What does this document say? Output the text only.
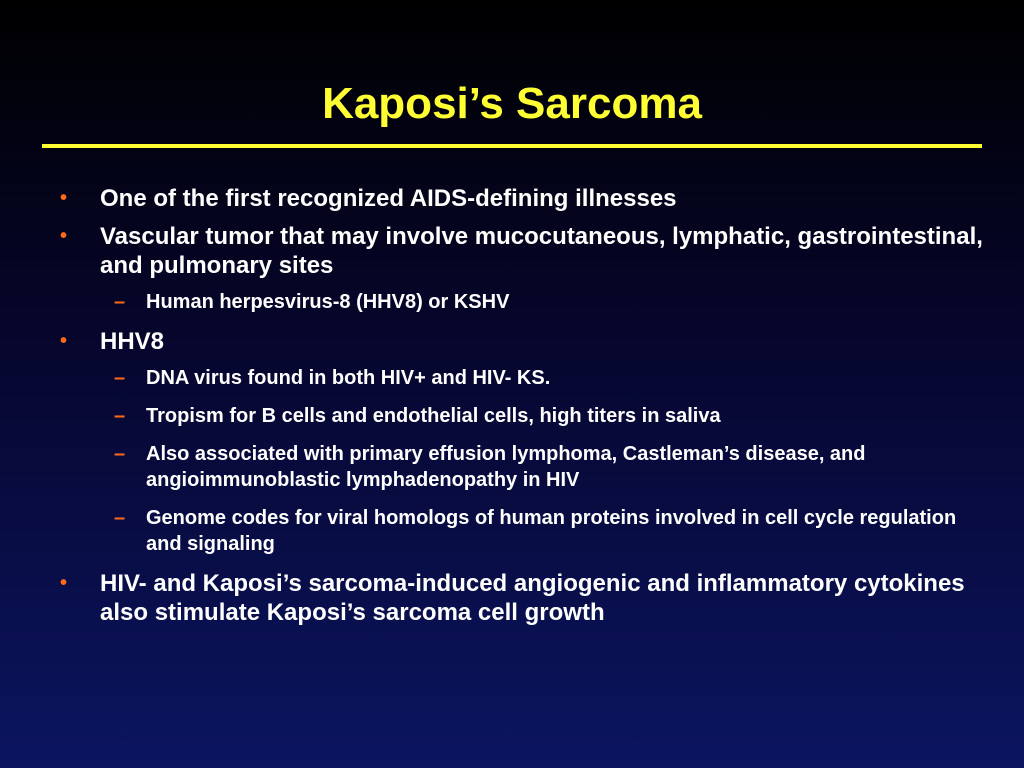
Kaposi’s Sarcoma
•	One of the first recognized AIDS-defining illnesses
•	Vascular tumor that may involve mucocutaneous, lymphatic, gastrointestinal, and pulmonary sites
–	Human herpesvirus-8 (HHV8) or KSHV
•	HHV8
–	DNA virus found in both HIV+ and HIV- KS.
–	Tropism for B cells and endothelial cells, high titers in saliva
–	Also associated with primary effusion lymphoma, Castleman’s disease, and angioimmunoblastic lymphadenopathy in HIV
–	Genome codes for viral homologs of human proteins involved in cell cycle regulation and signaling
•	HIV- and Kaposi’s sarcoma-induced angiogenic and inflammatory cytokines also stimulate Kaposi’s sarcoma cell growth
